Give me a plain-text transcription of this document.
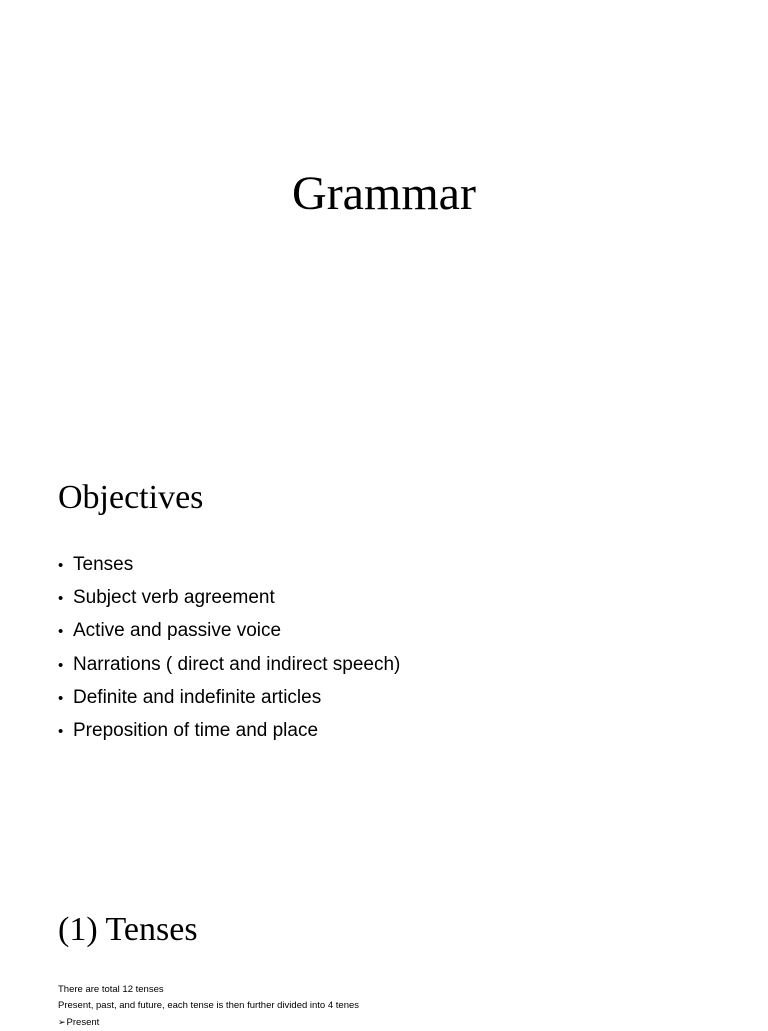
Grammar
Objectives
• Tenses
• Subject verb agreement
• Active and passive voice
• Narrations ( direct and indirect speech)
• Definite and indefinite articles
• Preposition of time and place
(1) Tenses
There are total 12 tenses
Present, past, and future, each tense is then further divided into 4 tenes
➢Present
